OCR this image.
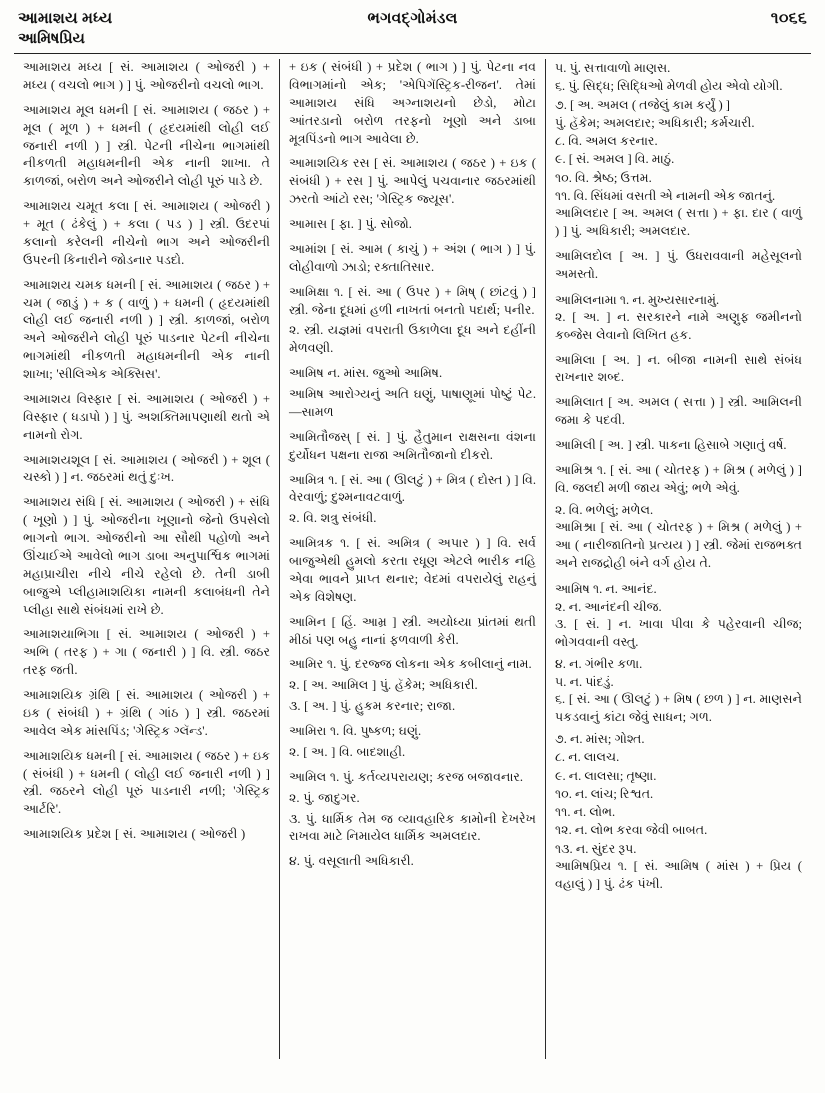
આમાશય મધ્ય	ભગવદ્ગોમંડલ	૧૦૬૬
આમિષપ્રિય
આમાશય મધ્ય [ સં. આમાશય ( ઓજરી ) + મધ્ય ( વચલો ભાગ ) ] પું. ઓજરીનો વચલો ભાગ.
આમાશય મૂલ ધમની [ સં. આમાશય ( જઠર ) + મૂલ ( મૂળ ) + ધમની ( હૃદયમાંથી લોહી લઈ જનારી નળી ) ] સ્ત્રી. પેટની નીચેના ભાગમાંથી નીકળતી મહાધમનીની એક નાની શાખા. તે કાળજાં, બરોળ અને ઓજરીને લોહી પૂરું પાડે છે.
આમાશય ચમૂત કલા [ સં. આમાશય ( ઓજરી ) + મૂત ( ઢંકેલું ) + કલા ( પડ ) ] સ્ત્રી. ઉદરપાં કલાનો કરેલની નીચેનો ભાગ અને ઓજરીની ઉપરની કિનારીને જોડનાર પડદો.
આમાશય ચમક ધમની [ સં. આમાશય ( જઠર ) + ચમ ( જાડું ) + ક ( વાળું ) + ધમની ( હૃદયમાંથી લોહી લઈ જનારી નળી ) ] સ્ત્રી. કાળજાં, બરોળ અને ઓજરીને લોહી પૂરું પાડનાર પેટની નીચેના ભાગમાંથી નીકળતી મહાધમનીની એક નાની શાખા; 'સીલિએક એક્સિસ'.
આમાશય વિસ્ફાર [ સં. આમાશય ( ઓજરી ) + વિસ્ફાર ( ધડાપો ) ] પું. અશક્તિમાપણાથી થતો એ નામનો રોગ.
આમાશયશૂલ [ સં. આમાશય ( ઓજરી ) + શૂલ ( ચસ્કો ) ] ન. જઠરમાં થતું દુઃખ.
આમાશય સંધિ [ સં. આમાશય ( ઓજરી ) + સંધિ ( ખૂણો ) ] પું. ઓજરીના ખૂણાનો જેનો ઉપસેલો ભાગનો ભાગ. ઓજરીનો આ સૌથી પહોળો અને ઊંચાઈએ આવેલો ભાગ ડાબા અનુપાર્શ્વિક ભાગમાં મહાપ્રાચીરા નીચે નીચે રહેલો છે. તેની ડાબી બાજુએ પ્લીહામાશયિકા નામની કલાબંધની તેને પ્લીહા સાથે સંબંધમાં રાખે છે.
આમાશયાભિગા [ સં. આમાશય ( ઓજરી ) + અભિ ( તરફ ) + ગા ( જનારી ) ] વિ. સ્ત્રી. જઠર તરફ જતી.
આમાશયિક ગ્રંથિ [ સં. આમાશય ( ઓજરી ) + ઇક ( સંબંધી ) + ગ્રંથિ ( ગાંઠ ) ] સ્ત્રી. જઠરમાં આવેલ એક માંસપિંડ; 'ગેસ્ટ્રિક ગ્લૅન્ડ'.
આમાશયિક ધમની [ સં. આમાશય ( જઠર ) + ઇક ( સંબંધી ) + ધમની ( લોહી લઈ જનારી નળી ) ] સ્ત્રી. જઠરને લોહી પૂરું પાડનારી નળી; 'ગેસ્ટ્રિક આર્ટરિ'.
આમાશયિક પ્રદેશ [ સં. આમાશય ( ઓજરી )
+ ઇક ( સંબંધી ) + પ્રદેશ ( ભાગ ) ] પું. પેટના નવ વિભાગમાંનો એક; 'એપિગૅસ્ટ્રિક-રીજન'. તેમાં આમાશય સંધિ અગ્નાશયનો છેડો, મોટા આંતરડાનો બરોળ તરફનો ખૂણો અને ડાબા મૂત્રપિંડનો ભાગ આવેલા છે.
આમાશયિક રસ [ સં. આમાશય ( જઠર ) + ઇક ( સંબંધી ) + રસ ] પું. આપેલું પચવાનાર જઠરમાંથી ઝરતો આંટો રસ; 'ગેસ્ટ્રિક જ્યૂસ'.
આમાસ [ ફા. ] પું. સોજો.
આમાંશ [ સં. આમ ( કાચું ) + અંશ ( ભાગ ) ] પું. લોહીવાળો ઝાડો; રક્તાતિસાર.
આમિક્ષા ૧. [ સં. આ ( ઉપર ) + મિષ્ ( છાંટવું ) ] સ્ત્રી. જેના દૂધમાં હળી નાખતાં બનતો પદાર્થ; પનીર.
૨. સ્ત્રી. યજ્ઞમાં વપરાતી ઉકાળેલા દૂધ અને દહીંની મેળવણી.
આમિષ ન. માંસ. જુઓ આમિષ.
આમિષ આરોગ્યનું અતિ ઘણું, પાષાણૂમાં પોષ્ટું પેટ. —સામળ
આમિતૌજસ્ [ સં. ] પું. હૈતુમાન રાક્ષસના વંશના દુર્યોધન પક્ષના રાજા અમિતૌજાનો દીકરો.
આમિત્ર ૧. [ સં. આ ( ઊલટું ) + મિત્ર ( દોસ્ત ) ] વિ. વેરવાળું; દુશ્મનાવટવાળું.
૨. વિ. શત્રુ સંબંધી.
આમિત્રક ૧. [ સં. અમિત્ર ( અપાર ) ] વિ. સર્વ બાજુએથી હુમલો કરતા રધૂણ એટલે ભારીક નહિ એવા ભાવને પ્રાપ્ત થનાર; વેદમાં વપરાયેલું રાહનું એક વિશેષણ.
આમિન [ હિં. આમ્ર ] સ્ત્રી. અયોધ્યા પ્રાંતમાં થતી મીઠાં પણ બહુ નાનાં ફળવાળી કેરી.
આમિર ૧. પું. દરજ્જ લોકના એક કબીલાનું નામ.
૨. [ અ. આમિલ ] પું. હૅકેમ; અધિકારી.
૩. [ અ. ] પું. હુકમ કરનાર; રાજા.
આમિરા ૧. વિ. પુષ્કળ; ઘણું.
૨. [ અ. ] વિ. બાદશાહી.
આમિલ ૧. પું. કર્તવ્યપરાયણ; કરજ બજાવનાર.
૨. પું. જાદુગર.
૩. પું. ધાર્મિક તેમ જ વ્યાવહારિક કામોની દેખરેખ રાખવા માટે નિમાયેલ ધાર્મિક અમલદાર.
૪. પું. વસૂલાતી અધિકારી.
૫. પું. સત્તાવાળો માણસ.
૬. પું. સિદ્ધ; સિદ્ધિઓ મેળવી હોય એવો યોગી.
૭. [ અ. અમલ ( તજેલું કામ કર્યું ) ]
પું. હૅકેમ; અમલદાર; અધિકારી; કર્મચારી.
૮. વિ. અમલ કરનાર.
૯. [ સં. અમલ ] વિ. માઠું.
૧૦. વિ. શ્રેષ્ઠ; ઉત્તમ.
૧૧. વિ. સિંધમાં વસતી એ નામની એક જાતનું.
આમિલદાર [ અ. અમલ ( સત્તા ) + ફા. દાર ( વાળું ) ] પું. અધિકારી; અમલદાર.
આમિલદોલ [ અ. ] પું. ઉધરાવવાની મહેસૂલનો અમસ્તો.
આમિલનામા ૧. ન. મુખ્યસારનામું.
૨. [ અ. ] ન. સરકારને નામે અણુફ જમીનનો કબ્જેસ લેવાનો લિખિત હક.
આમિલા [ અ. ] ન. બીજા નામની સાથે સંબંધ રાખનાર શબ્દ.
આમિલાત [ અ. અમલ ( સત્તા ) ] સ્ત્રી. આમિલની જમા કે પદવી.
આમિલી [ અ. ] સ્ત્રી. પાકના હિસાબે ગણાતું વર્ષ.
આમિશ્ર ૧. [ સં. આ ( ચોતરફ ) + મિશ્ર ( મળેલું ) ] વિ. જલદી મળી જાય એવું; ભળે એવું.
૨. વિ. ભળેલું; મળેલ.
આમિશ્રા [ સં. આ ( ચોતરફ ) + મિશ્ર ( મળેલું ) + આ ( નારીજાતિનો પ્રત્યય ) ] સ્ત્રી. જેમાં રાજભક્ત અને રાજદ્રોહી બંને વર્ગ હોય તે.
આમિષ ૧. ન. આનંદ.
૨. ન. આનંદની ચીજ.
૩. [ સં. ] ન. ખાવા પીવા કે પહેરવાની ચીજ; ભોગવવાની વસ્તુ.
૪. ન. ગંભીર કળા.
૫. ન. પાંદડું.
૬. [ સં. આ ( ઊલટું ) + મિષ ( છળ ) ] ન. માણસને પકડવાનું કાંટા જેવું સાધન; ગળ.
૭. ન. માંસ; ગોશ્ત.
૮. ન. લાલચ.
૯. ન. લાલસા; તૃષ્ણા.
૧૦. ન. લાંચ; રિશ્વત.
૧૧. ન. લોભ.
૧૨. ન. લોભ કરવા જેવી બાબત.
૧૩. ન. સુંદર રૂપ.
આમિષપ્રિય ૧. [ સં. આમિષ ( માંસ ) + પ્રિય ( વહાલું ) ] પું. ઢંક પંખી.
